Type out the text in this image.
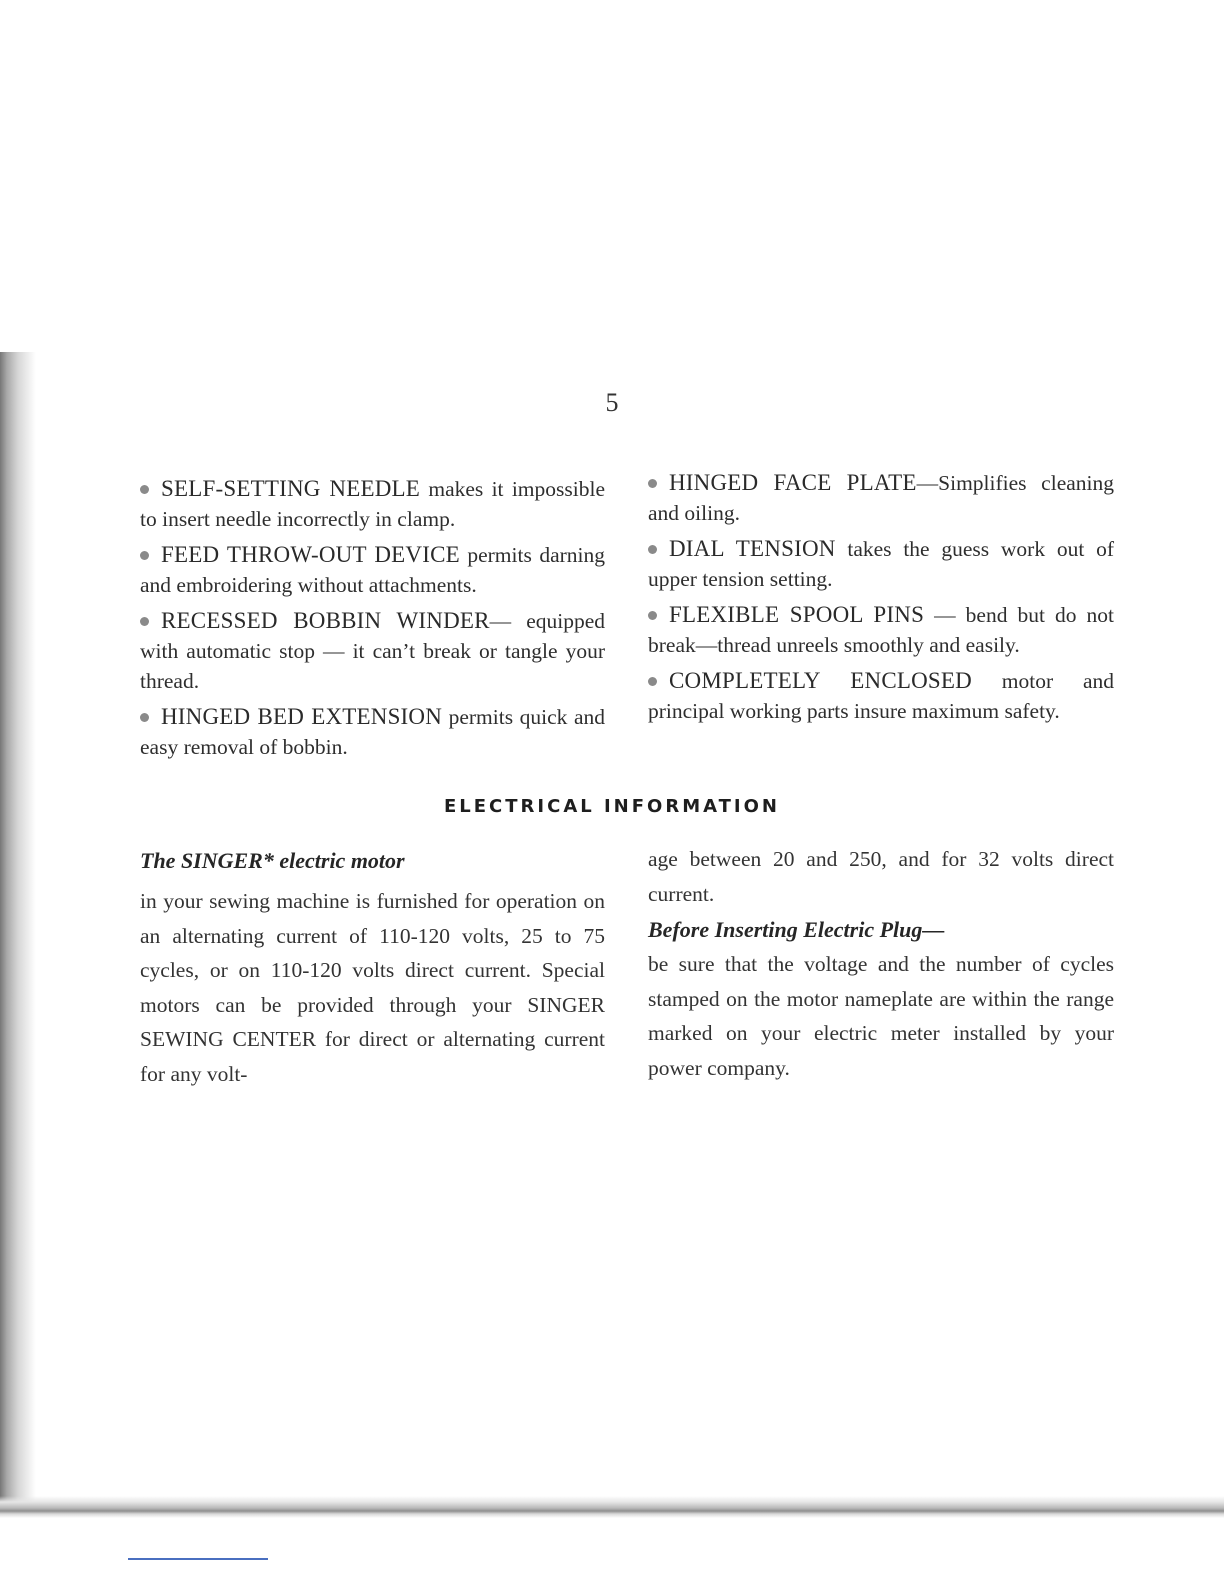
5

SELF-SETTING NEEDLE makes it impossible to insert needle incorrectly in clamp.

FEED THROW-OUT DEVICE permits darning and embroidering without attachments.

RECESSED BOBBIN WINDER— equipped with automatic stop — it can’t break or tangle your thread.

HINGED BED EXTENSION permits quick and easy removal of bobbin.

HINGED FACE PLATE—Simplifies cleaning and oiling.

DIAL TENSION takes the guess work out of upper tension setting.

FLEXIBLE SPOOL PINS — bend but do not break—thread unreels smoothly and easily.

COMPLETELY ENCLOSED motor and principal working parts insure maximum safety.

ELECTRICAL INFORMATION
The SINGER* electric motor

in your sewing machine is furnished for operation on an alternating current of 110-120 volts, 25 to 75 cycles, or on 110-120 volts direct current. Special motors can be provided through your SINGER SEWING CENTER for direct or alternating current for any volt-

age between 20 and 250, and for 32 volts direct current.

Before Inserting Electric Plug—

be sure that the voltage and the number of cycles stamped on the motor nameplate are within the range marked on your electric meter installed by your power company.
